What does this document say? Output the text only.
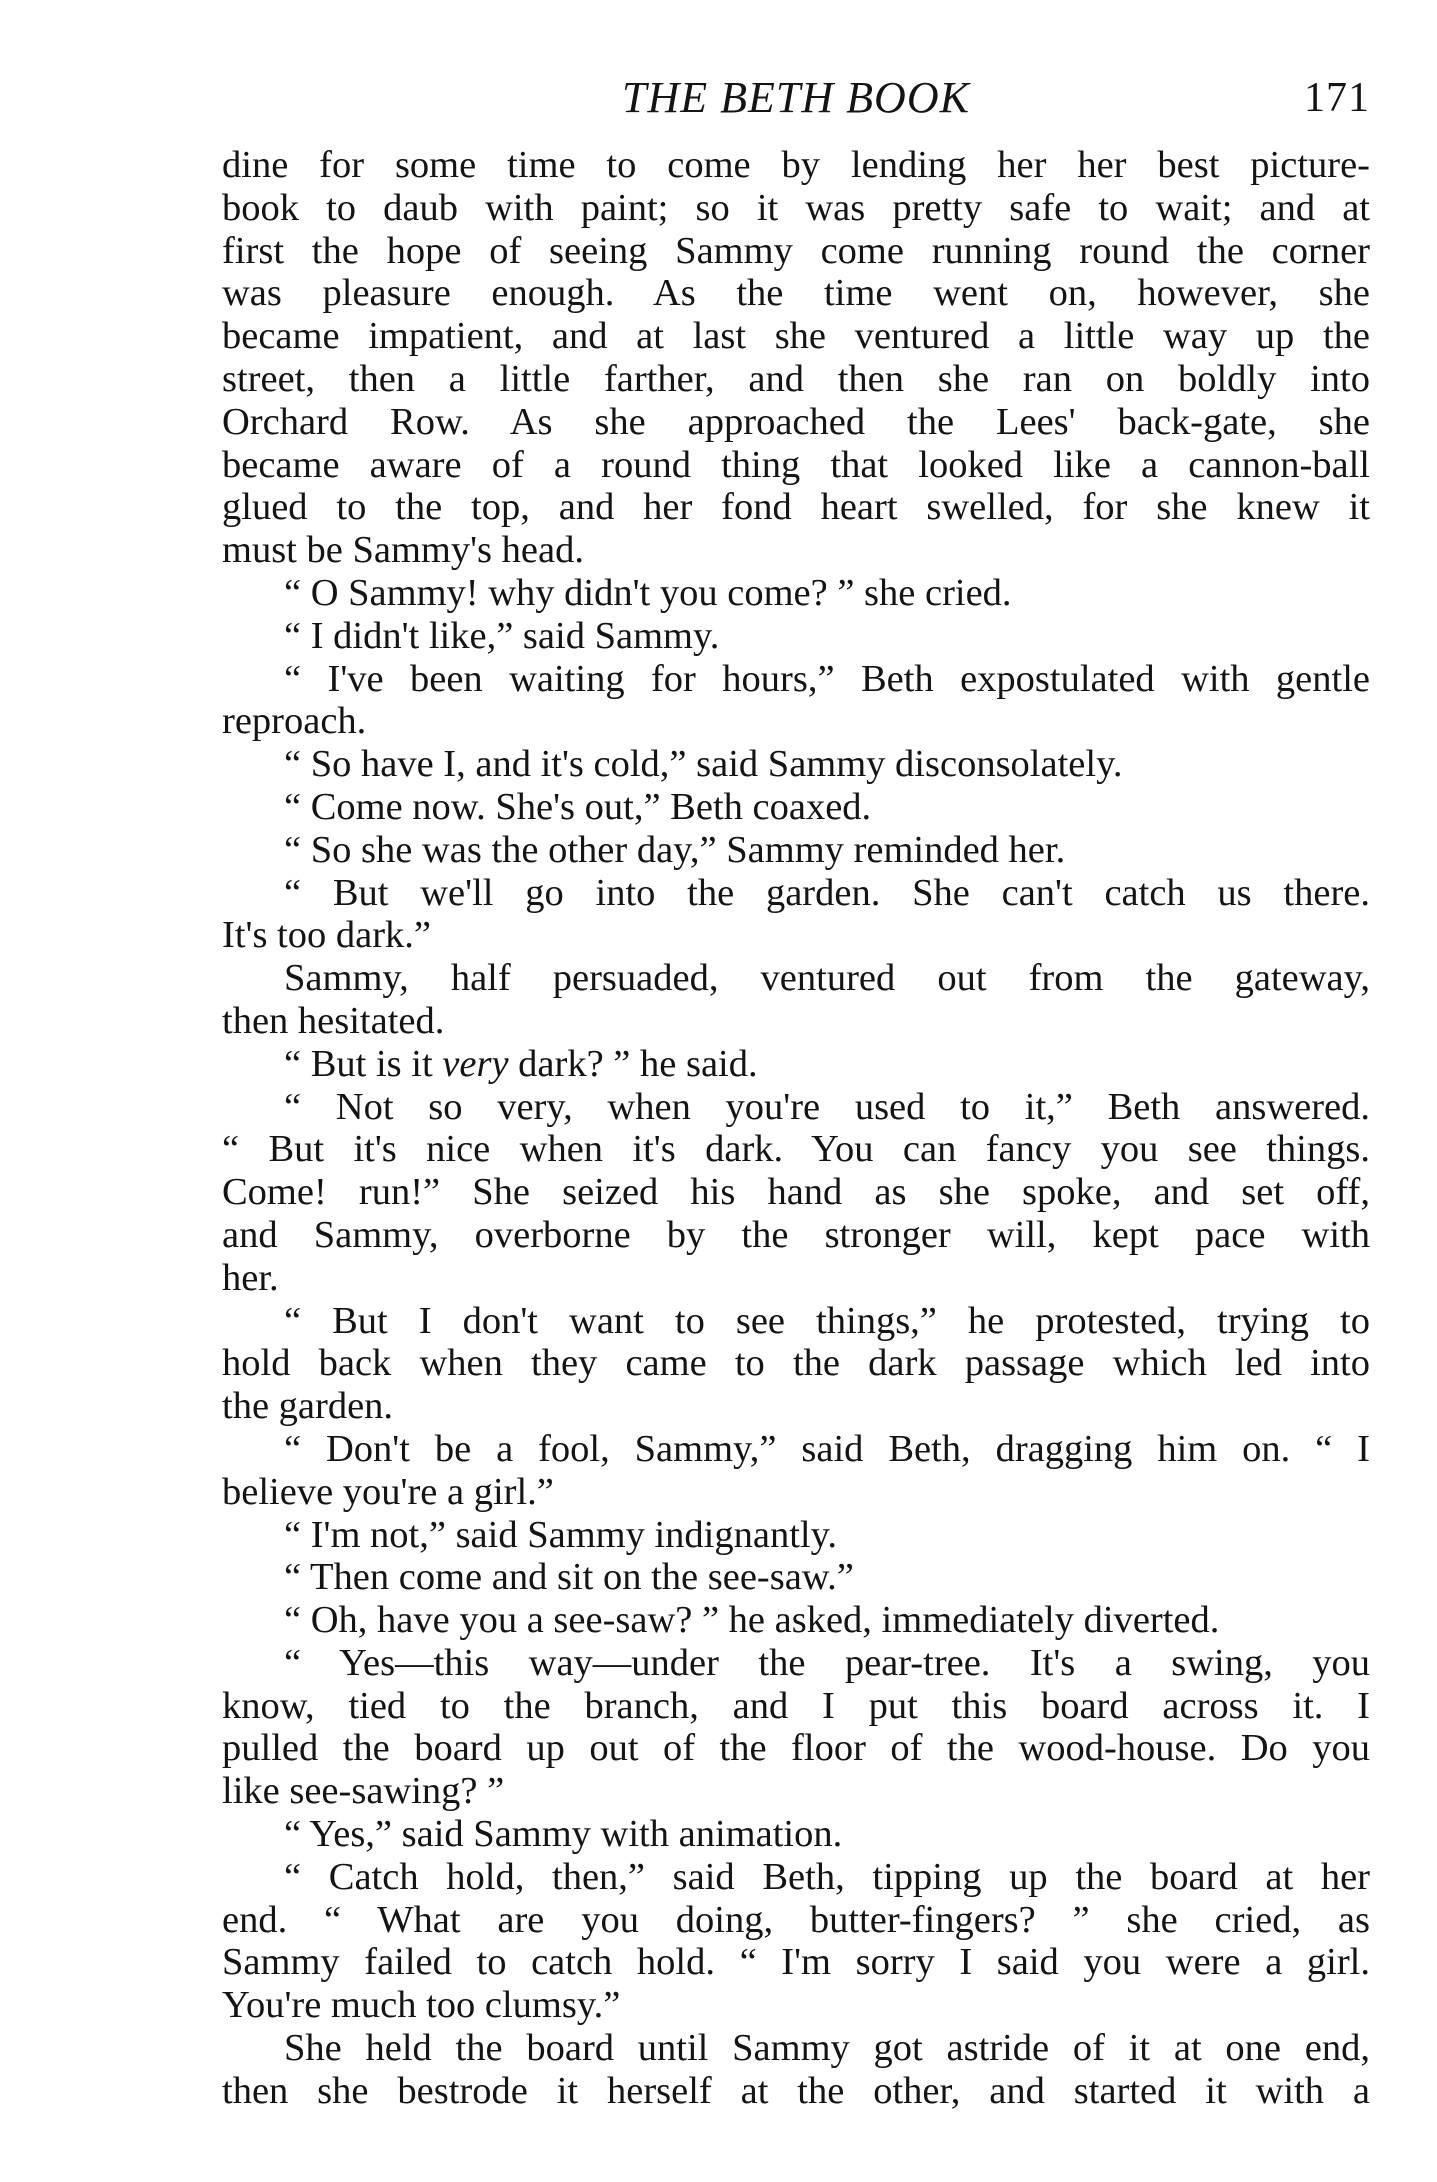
THE BETH BOOK	171
dine for some time to come by lending her her best picture-
book to daub with paint; so it was pretty safe to wait; and at
first the hope of seeing Sammy come running round the corner
was pleasure enough. As the time went on, however, she
became impatient, and at last she ventured a little way up the
street, then a little farther, and then she ran on boldly into
Orchard Row. As she approached the Lees' back-gate, she
became aware of a round thing that looked like a cannon-ball
glued to the top, and her fond heart swelled, for she knew it
must be Sammy's head.
“ O Sammy! why didn't you come? ” she cried.
“ I didn't like,” said Sammy.
“ I've been waiting for hours,” Beth expostulated with gentle
reproach.
“ So have I, and it's cold,” said Sammy disconsolately.
“ Come now. She's out,” Beth coaxed.
“ So she was the other day,” Sammy reminded her.
“ But we'll go into the garden. She can't catch us there.
It's too dark.”
Sammy, half persuaded, ventured out from the gateway,
then hesitated.
“ But is it very dark? ” he said.
“ Not so very, when you're used to it,” Beth answered.
“ But it's nice when it's dark. You can fancy you see things.
Come! run!” She seized his hand as she spoke, and set off,
and Sammy, overborne by the stronger will, kept pace with
her.
“ But I don't want to see things,” he protested, trying to
hold back when they came to the dark passage which led into
the garden.
“ Don't be a fool, Sammy,” said Beth, dragging him on. “ I
believe you're a girl.”
“ I'm not,” said Sammy indignantly.
“ Then come and sit on the see-saw.”
“ Oh, have you a see-saw? ” he asked, immediately diverted.
“ Yes—this way—under the pear-tree. It's a swing, you
know, tied to the branch, and I put this board across it. I
pulled the board up out of the floor of the wood-house. Do you
like see-sawing? ”
“ Yes,” said Sammy with animation.
“ Catch hold, then,” said Beth, tipping up the board at her
end. “ What are you doing, butter-fingers? ” she cried, as
Sammy failed to catch hold. “ I'm sorry I said you were a girl.
You're much too clumsy.”
She held the board until Sammy got astride of it at one end,
then she bestrode it herself at the other, and started it with a
